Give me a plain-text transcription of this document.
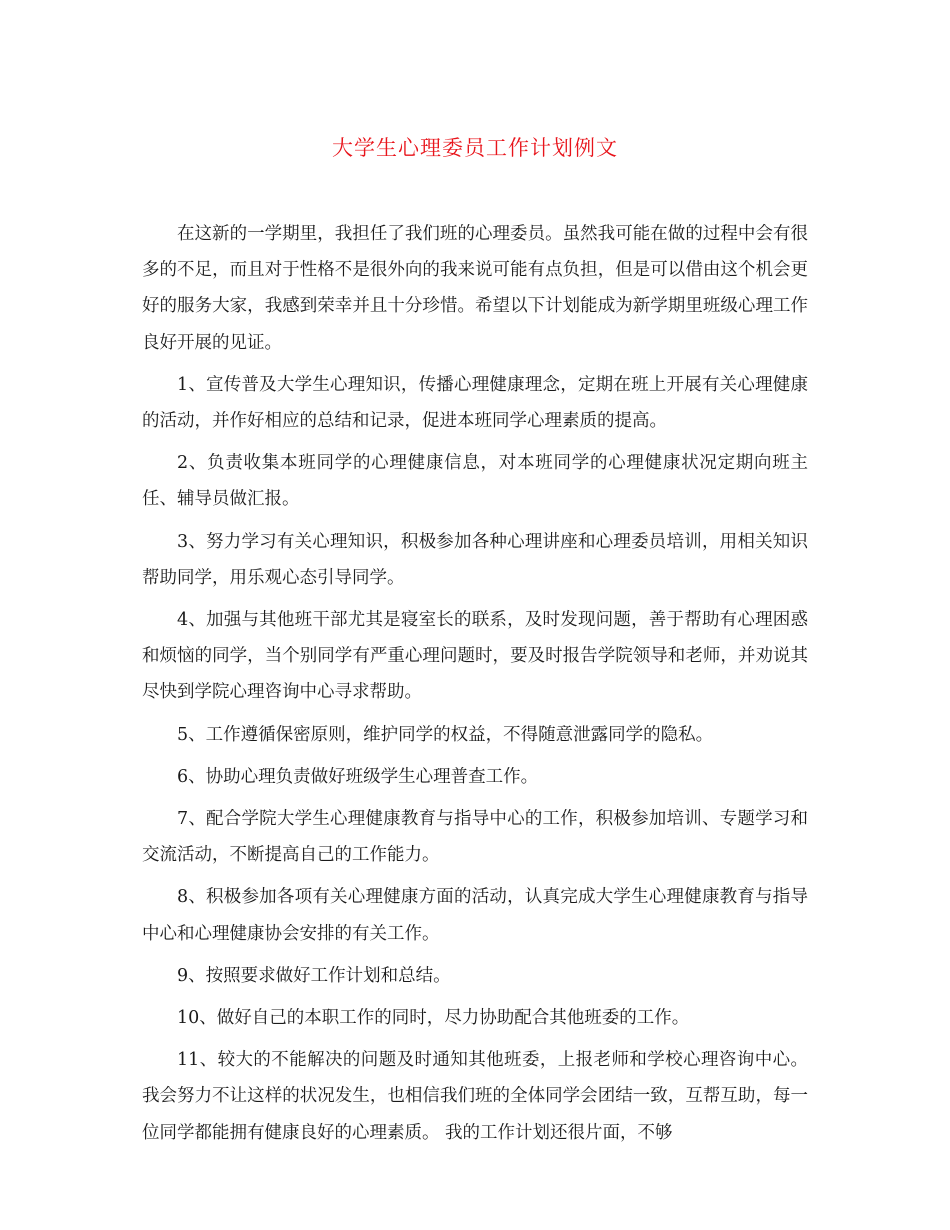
大学生心理委员工作计划例文

在这新的一学期里，我担任了我们班的心理委员。虽然我可能在做的过程中会有很多的不足，而且对于性格不是很外向的我来说可能有点负担，但是可以借由这个机会更好的服务大家，我感到荣幸并且十分珍惜。希望以下计划能成为新学期里班级心理工作良好开展的见证。

1、宣传普及大学生心理知识，传播心理健康理念，定期在班上开展有关心理健康的活动，并作好相应的总结和记录，促进本班同学心理素质的提高。

2、负责收集本班同学的心理健康信息，对本班同学的心理健康状况定期向班主任、辅导员做汇报。

3、努力学习有关心理知识，积极参加各种心理讲座和心理委员培训，用相关知识帮助同学，用乐观心态引导同学。

4、加强与其他班干部尤其是寝室长的联系，及时发现问题，善于帮助有心理困惑和烦恼的同学，当个别同学有严重心理问题时，要及时报告学院领导和老师，并劝说其尽快到学院心理咨询中心寻求帮助。

5、工作遵循保密原则，维护同学的权益，不得随意泄露同学的隐私。

6、协助心理负责做好班级学生心理普查工作。

7、配合学院大学生心理健康教育与指导中心的工作，积极参加培训、专题学习和交流活动，不断提高自己的工作能力。

8、积极参加各项有关心理健康方面的活动，认真完成大学生心理健康教育与指导中心和心理健康协会安排的有关工作。

9、按照要求做好工作计划和总结。

10、做好自己的本职工作的同时，尽力协助配合其他班委的工作。

11、较大的不能解决的问题及时通知其他班委，上报老师和学校心理咨询中心。我会努力不让这样的状况发生，也相信我们班的全体同学会团结一致，互帮互助，每一位同学都能拥有健康良好的心理素质。 我的工作计划还很片面，不够
